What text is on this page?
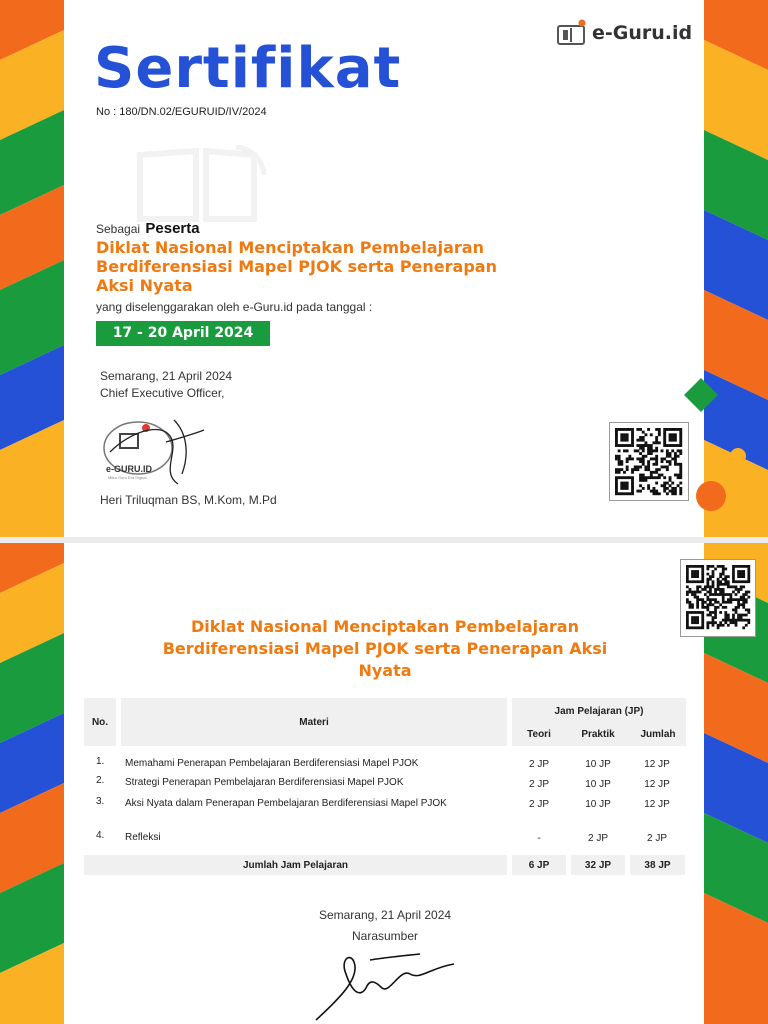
e-Guru.id
Sertifikat
No : 180/DN.02/EGURUID/IV/2024
Sebagai Peserta
Diklat Nasional Menciptakan Pembelajaran Berdiferensiasi Mapel PJOK serta Penerapan Aksi Nyata
yang diselenggarakan oleh e-Guru.id pada tanggal :
17 - 20 April 2024
Semarang, 21 April 2024
Chief Executive Officer,
e-GURU.ID
Mitra Guru Era Digital
Heri Triluqman BS, M.Kom, M.Pd
Diklat Nasional Menciptakan Pembelajaran Berdiferensiasi Mapel PJOK serta Penerapan Aksi Nyata
No.	Materi
Jam Pelajaran (JP)
Teori	Praktik	Jumlah
1. Memahami Penerapan Pembelajaran Berdiferensiasi Mapel PJOK	2 JP	10 JP	12 JP
2. Strategi Penerapan Pembelajaran Berdiferensiasi Mapel PJOK	2 JP	10 JP	12 JP
3. Aksi Nyata dalam Penerapan Pembelajaran Berdiferensiasi Mapel PJOK	2 JP	10 JP	12 JP
4. Refleksi	-	2 JP	2 JP
Jumlah Jam Pelajaran	6 JP	32 JP	38 JP
Semarang, 21 April 2024
Narasumber
